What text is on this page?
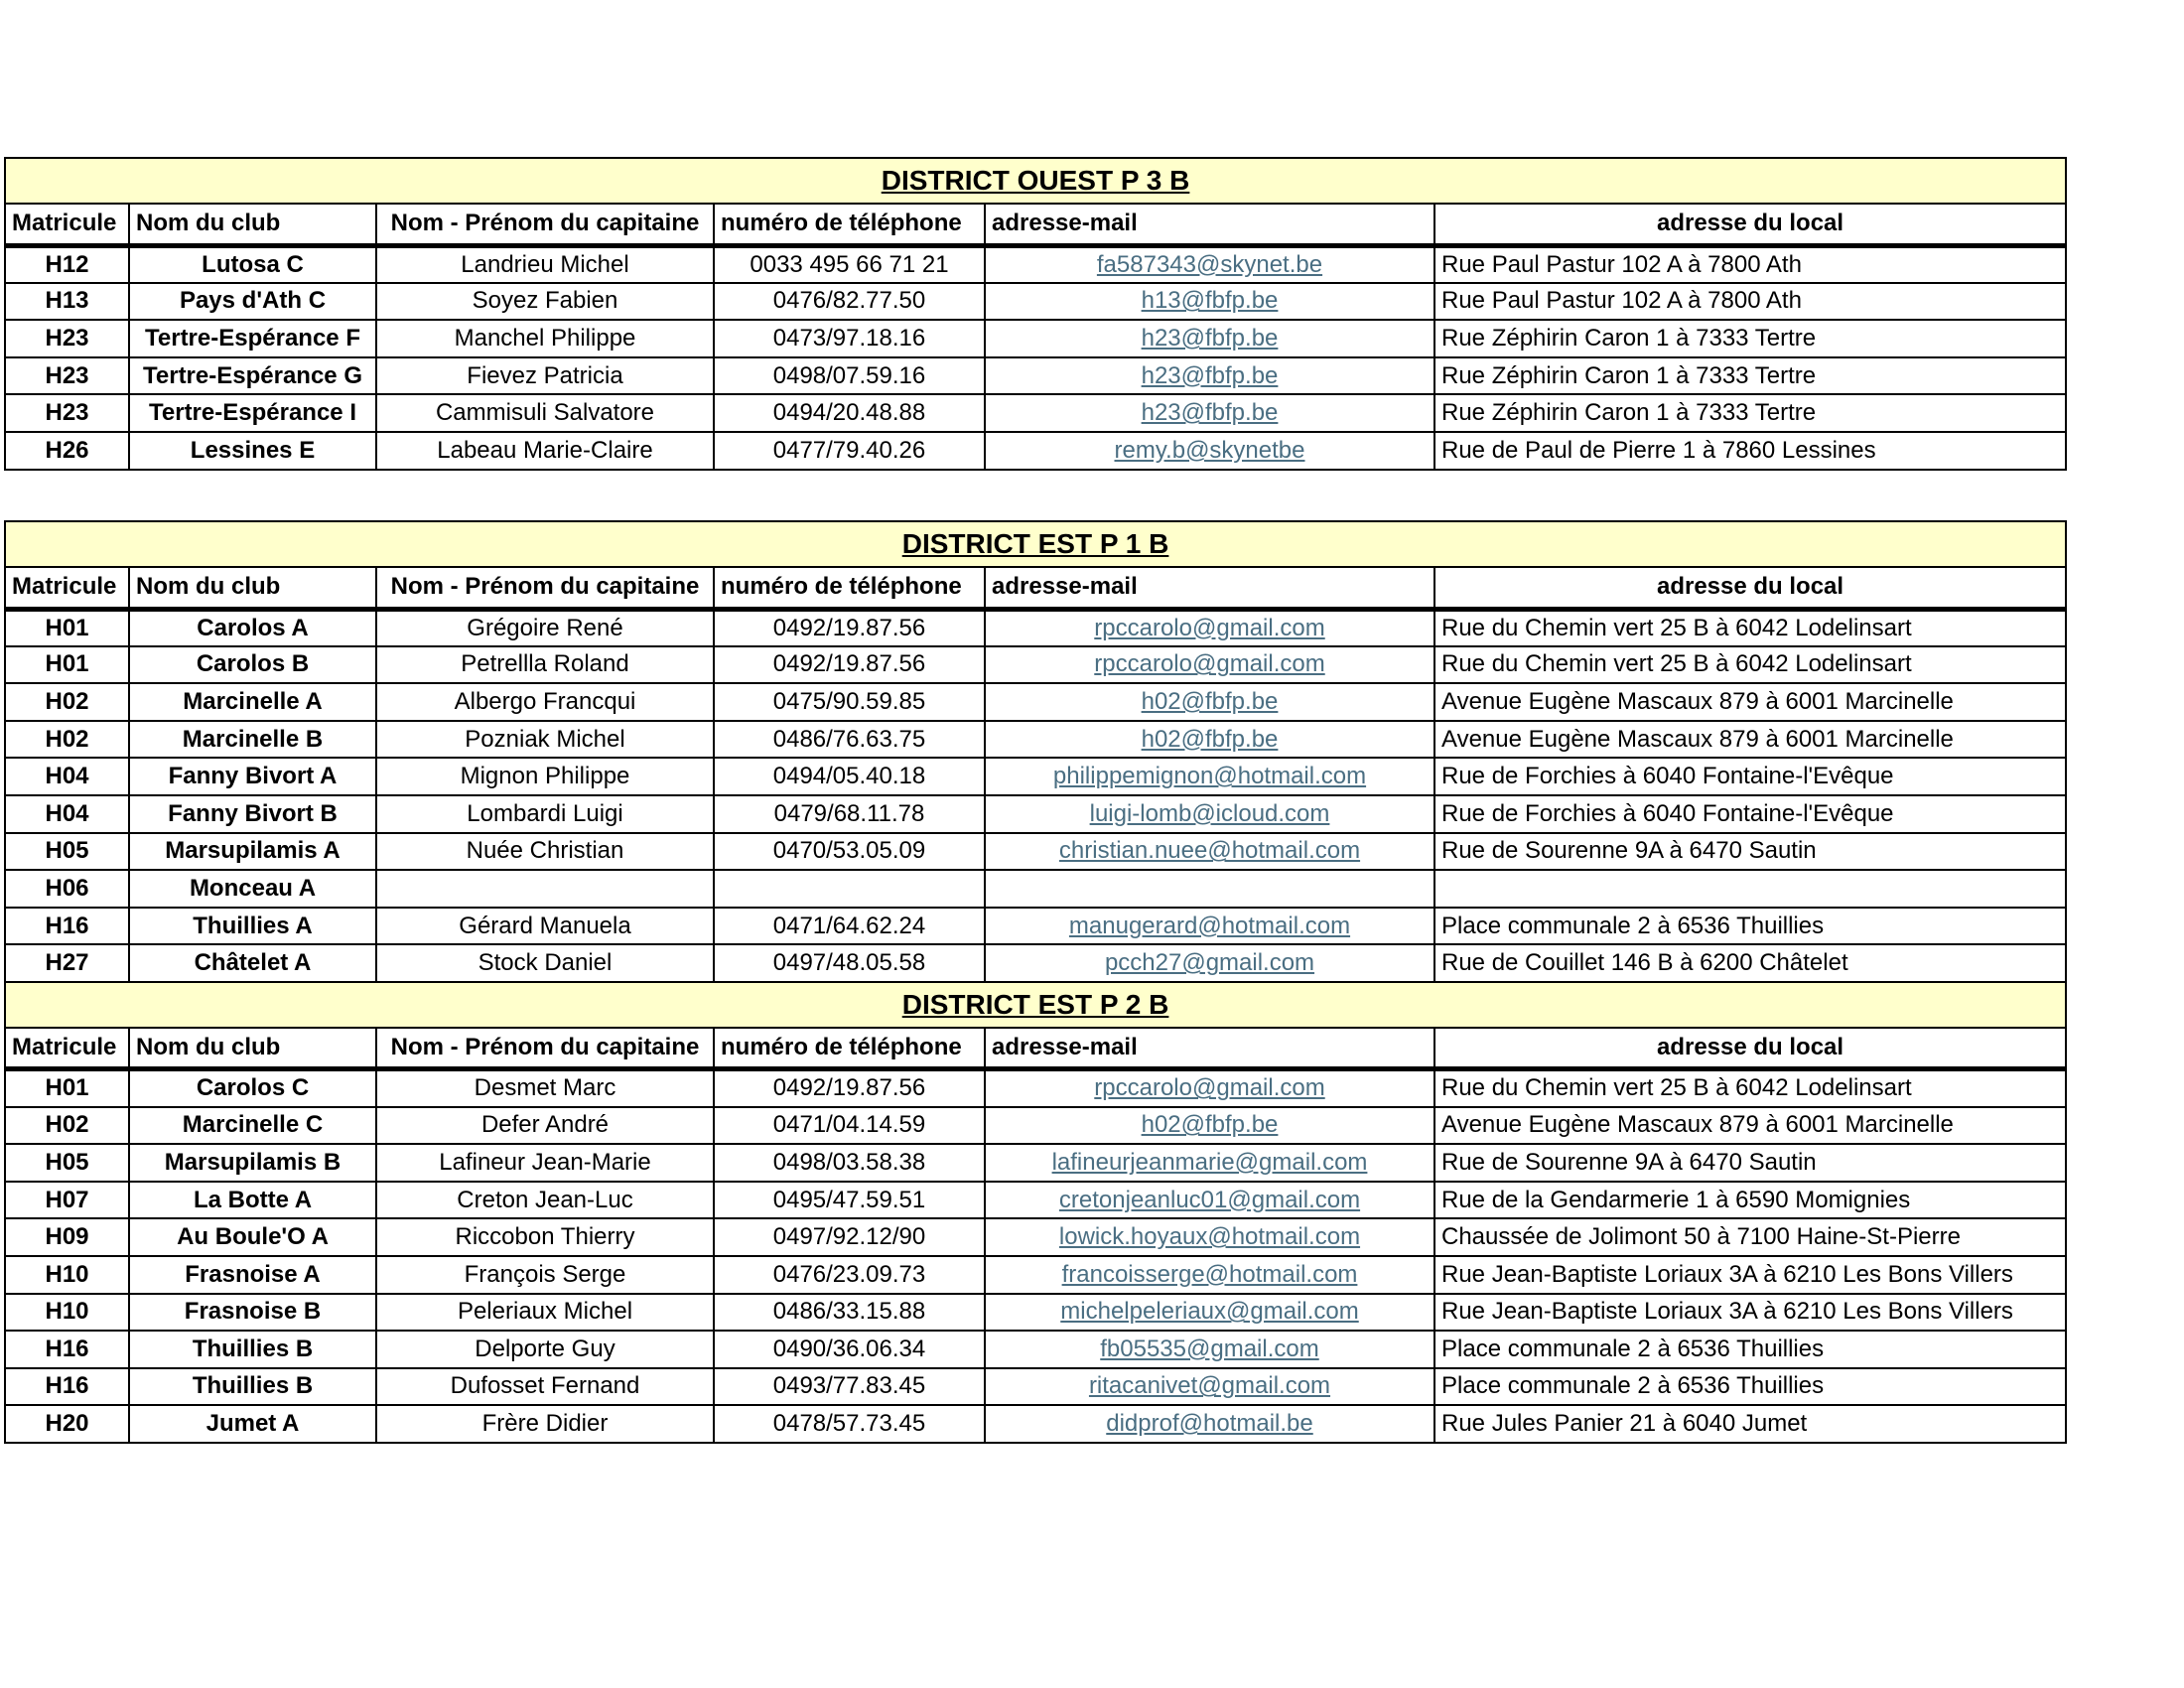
DISTRICT OUEST P 3 B					
Matricule	Nom du club	Nom - Prénom du capitaine	numéro de téléphone	adresse-mail	adresse du local
H12	Lutosa C	Landrieu Michel	0033 495 66 71 21	fa587343@skynet.be	Rue Paul Pastur 102 A à 7800 Ath
H13	Pays d'Ath C	Soyez Fabien	0476/82.77.50	h13@fbfp.be	Rue Paul Pastur 102 A à 7800 Ath
H23	Tertre-Espérance F	Manchel Philippe	0473/97.18.16	h23@fbfp.be	Rue Zéphirin Caron 1 à 7333 Tertre
H23	Tertre-Espérance G	Fievez Patricia	0498/07.59.16	h23@fbfp.be	Rue Zéphirin Caron 1 à 7333 Tertre
H23	Tertre-Espérance I	Cammisuli Salvatore	0494/20.48.88	h23@fbfp.be	Rue Zéphirin Caron 1 à 7333 Tertre
H26	Lessines E	Labeau Marie-Claire	0477/79.40.26	remy.b@skynetbe	Rue de Paul de Pierre 1 à 7860 Lessines
DISTRICT EST P 1 B					
Matricule	Nom du club	Nom - Prénom du capitaine	numéro de téléphone	adresse-mail	adresse du local
H01	Carolos A	Grégoire René	0492/19.87.56	rpccarolo@gmail.com	Rue du Chemin vert 25 B à 6042 Lodelinsart
H01	Carolos B	Petrellla Roland	0492/19.87.56	rpccarolo@gmail.com	Rue du Chemin vert 25 B à 6042 Lodelinsart
H02	Marcinelle A	Albergo Francqui	0475/90.59.85	h02@fbfp.be	Avenue Eugène Mascaux 879 à 6001 Marcinelle
H02	Marcinelle B	Pozniak Michel	0486/76.63.75	h02@fbfp.be	Avenue Eugène Mascaux 879 à 6001 Marcinelle
H04	Fanny Bivort A	Mignon Philippe	0494/05.40.18	philippemignon@hotmail.com	Rue de Forchies à 6040 Fontaine-l'Evêque
H04	Fanny Bivort B	Lombardi Luigi	0479/68.11.78	luigi-lomb@icloud.com	Rue de Forchies à 6040 Fontaine-l'Evêque
H05	Marsupilamis A	Nuée Christian	0470/53.05.09	christian.nuee@hotmail.com	Rue de Sourenne 9A à 6470 Sautin
H06	Monceau A				
H16	Thuillies A	Gérard Manuela	0471/64.62.24	manugerard@hotmail.com	Place communale 2 à 6536 Thuillies
H27	Châtelet A	Stock Daniel	0497/48.05.58	pcch27@gmail.com	Rue de Couillet 146 B à 6200 Châtelet
DISTRICT EST P 2 B					
Matricule	Nom du club	Nom - Prénom du capitaine	numéro de téléphone	adresse-mail	adresse du local
H01	Carolos C	Desmet Marc	0492/19.87.56	rpccarolo@gmail.com	Rue du Chemin vert 25 B à 6042 Lodelinsart
H02	Marcinelle C	Defer André	0471/04.14.59	h02@fbfp.be	Avenue Eugène Mascaux 879 à 6001 Marcinelle
H05	Marsupilamis B	Lafineur Jean-Marie	0498/03.58.38	lafineurjeanmarie@gmail.com	Rue de Sourenne 9A à 6470 Sautin
H07	La Botte A	Creton Jean-Luc	0495/47.59.51	cretonjeanluc01@gmail.com	Rue de la Gendarmerie 1 à 6590 Momignies
H09	Au Boule'O A	Riccobon Thierry	0497/92.12/90	lowick.hoyaux@hotmail.com	Chaussée de Jolimont 50 à 7100 Haine-St-Pierre
H10	Frasnoise A	François Serge	0476/23.09.73	francoisserge@hotmail.com	Rue Jean-Baptiste Loriaux 3A à 6210 Les Bons Villers
H10	Frasnoise B	Peleriaux Michel	0486/33.15.88	michelpeleriaux@gmail.com	Rue Jean-Baptiste Loriaux 3A à 6210 Les Bons Villers
H16	Thuillies B	Delporte Guy	0490/36.06.34	fb05535@gmail.com	Place communale 2 à 6536 Thuillies
H16	Thuillies B	Dufosset Fernand	0493/77.83.45	ritacanivet@gmail.com	Place communale 2 à 6536 Thuillies
H20	Jumet A	Frère Didier	0478/57.73.45	didprof@hotmail.be	Rue Jules Panier 21 à 6040 Jumet
